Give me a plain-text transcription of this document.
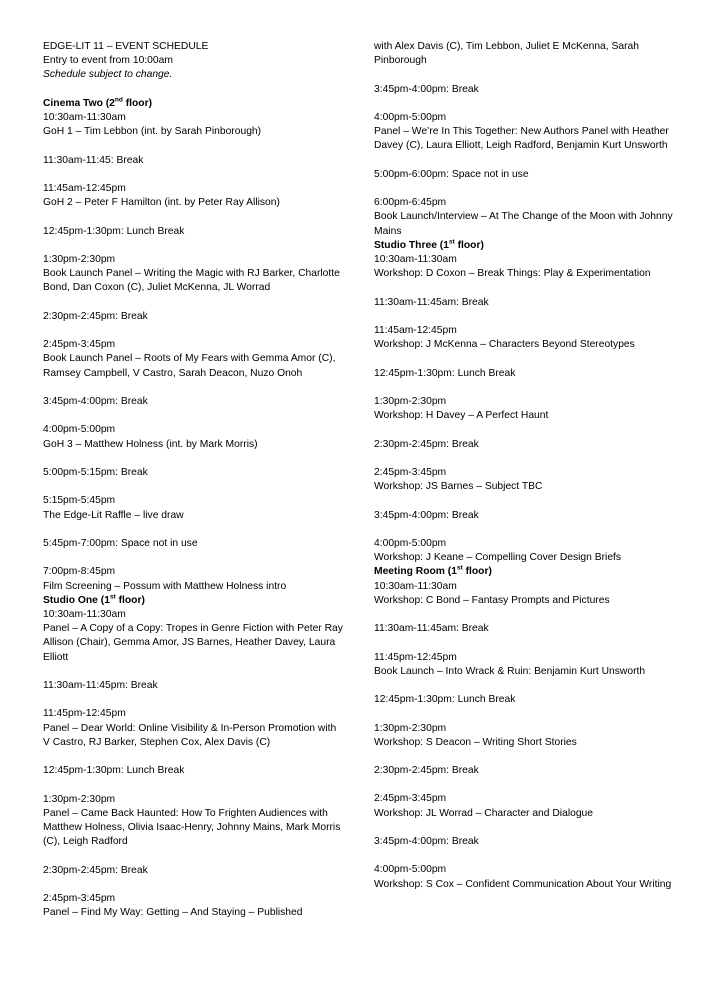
EDGE-LIT 11 – EVENT SCHEDULE
Entry to event from 10:00am
Schedule subject to change.
Cinema Two (2nd floor)
10:30am-11:30am
GoH 1 – Tim Lebbon (int. by Sarah Pinborough)
11:30am-11:45: Break
11:45am-12:45pm
GoH 2 – Peter F Hamilton (int. by Peter Ray Allison)
12:45pm-1:30pm: Lunch Break
1:30pm-2:30pm
Book Launch Panel – Writing the Magic with RJ Barker, Charlotte Bond, Dan Coxon (C), Juliet McKenna, JL Worrad
2:30pm-2:45pm: Break
2:45pm-3:45pm
Book Launch Panel – Roots of My Fears with Gemma Amor (C), Ramsey Campbell, V Castro, Sarah Deacon, Nuzo Onoh
3:45pm-4:00pm: Break
4:00pm-5:00pm
GoH 3 – Matthew Holness (int. by Mark Morris)
5:00pm-5:15pm: Break
5:15pm-5:45pm
The Edge-Lit Raffle – live draw
5:45pm-7:00pm: Space not in use
7:00pm-8:45pm
Film Screening – Possum with Matthew Holness intro
Studio One (1st floor)
10:30am-11:30am
Panel – A Copy of a Copy: Tropes in Genre Fiction with Peter Ray Allison (Chair), Gemma Amor, JS Barnes, Heather Davey, Laura Elliott
11:30am-11:45pm: Break
11:45pm-12:45pm
Panel – Dear World: Online Visibility & In-Person Promotion with V Castro, RJ Barker, Stephen Cox, Alex Davis (C)
12:45pm-1:30pm: Lunch Break
1:30pm-2:30pm
Panel – Came Back Haunted: How To Frighten Audiences with Matthew Holness, Olivia Isaac-Henry, Johnny Mains, Mark Morris (C), Leigh Radford
2:30pm-2:45pm: Break
2:45pm-3:45pm
Panel – Find My Way: Getting – And Staying – Published
with Alex Davis (C), Tim Lebbon, Juliet E McKenna, Sarah Pinborough
3:45pm-4:00pm: Break
4:00pm-5:00pm
Panel – We’re In This Together: New Authors Panel with Heather Davey (C), Laura Elliott, Leigh Radford, Benjamin Kurt Unsworth
5:00pm-6:00pm: Space not in use
6:00pm-6:45pm
Book Launch/Interview – At The Change of the Moon with Johnny Mains
Studio Three (1st floor)
10:30am-11:30am
Workshop: D Coxon – Break Things: Play & Experimentation
11:30am-11:45am: Break
11:45am-12:45pm
Workshop: J McKenna – Characters Beyond Stereotypes
12:45pm-1:30pm: Lunch Break
1:30pm-2:30pm
Workshop: H Davey – A Perfect Haunt
2:30pm-2:45pm: Break
2:45pm-3:45pm
Workshop: JS Barnes – Subject TBC
3:45pm-4:00pm: Break
4:00pm-5:00pm
Workshop: J Keane – Compelling Cover Design Briefs
Meeting Room (1st floor)
10:30am-11:30am
Workshop: C Bond – Fantasy Prompts and Pictures
11:30am-11:45am: Break
11:45pm-12:45pm
Book Launch – Into Wrack & Ruin: Benjamin Kurt Unsworth
12:45pm-1:30pm: Lunch Break
1:30pm-2:30pm
Workshop: S Deacon – Writing Short Stories
2:30pm-2:45pm: Break
2:45pm-3:45pm
Workshop: JL Worrad – Character and Dialogue
3:45pm-4:00pm: Break
4:00pm-5:00pm
Workshop: S Cox – Confident Communication About Your Writing
